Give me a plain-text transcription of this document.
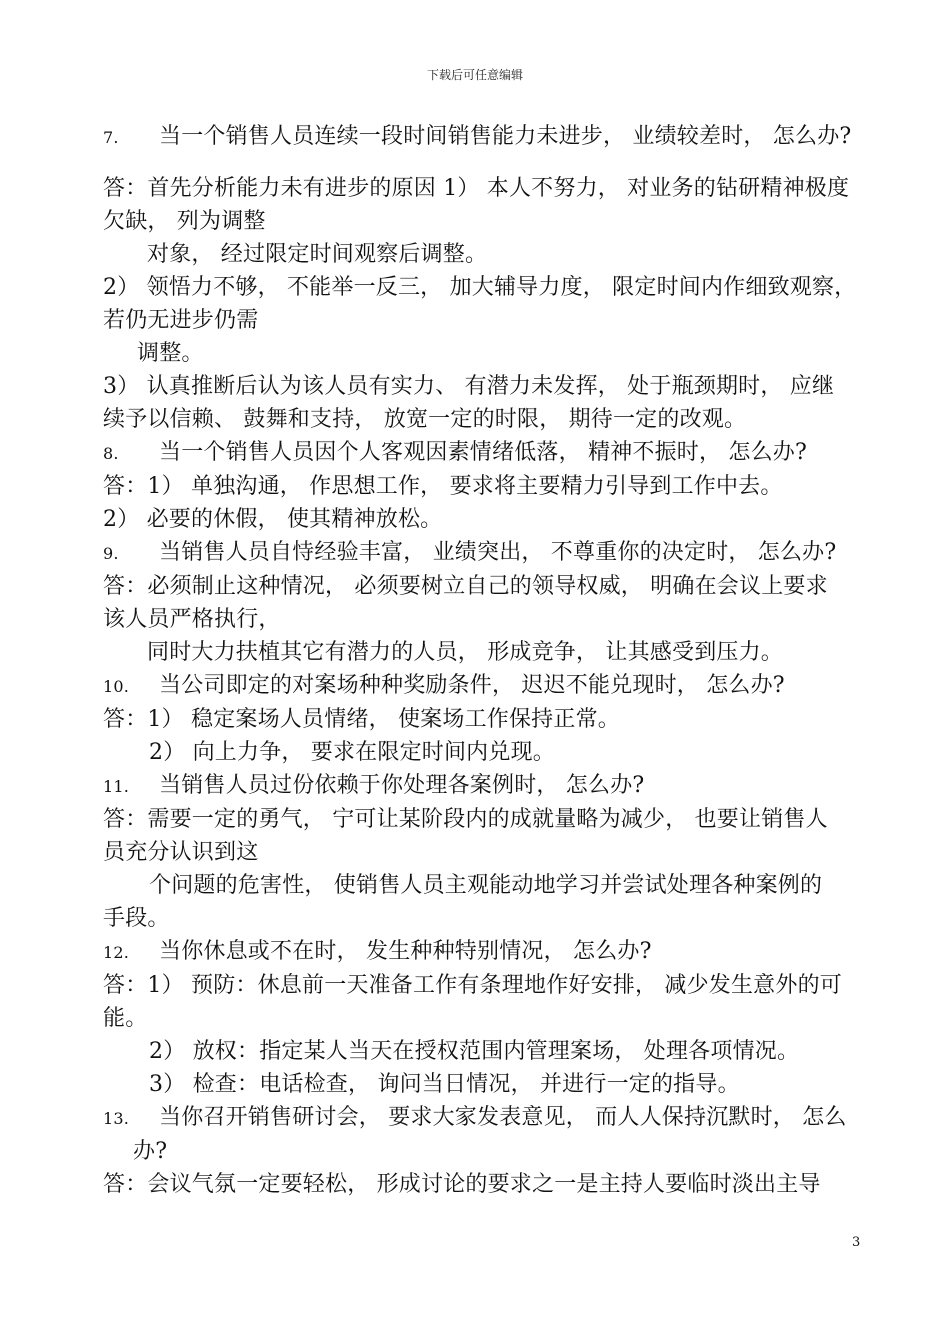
下载后可任意编辑
7. 当一个销售人员连续一段时间销售能力未进步， 业绩较差时， 怎么办?
答：首先分析能力未有进步的原因 1） 本人不努力， 对业务的钻研精神极度
欠缺， 列为调整
对象， 经过限定时间观察后调整。
2） 领悟力不够， 不能举一反三， 加大辅导力度， 限定时间内作细致观察，
若仍无进步仍需
调整。
3） 认真推断后认为该人员有实力、 有潜力未发挥， 处于瓶颈期时， 应继
续予以信赖、 鼓舞和支持， 放宽一定的时限， 期待一定的改观。
8. 当一个销售人员因个人客观因素情绪低落， 精神不振时， 怎么办?
答：1） 单独沟通， 作思想工作， 要求将主要精力引导到工作中去。
2） 必要的休假， 使其精神放松。
9. 当销售人员自恃经验丰富， 业绩突出， 不尊重你的决定时， 怎么办?
答：必须制止这种情况， 必须要树立自己的领导权威， 明确在会议上要求
该人员严格执行，
同时大力扶植其它有潜力的人员， 形成竞争， 让其感受到压力。
10. 当公司即定的对案场种种奖励条件， 迟迟不能兑现时， 怎么办?
答：1） 稳定案场人员情绪， 使案场工作保持正常。
2） 向上力争， 要求在限定时间内兑现。
11. 当销售人员过份依赖于你处理各案例时， 怎么办?
答：需要一定的勇气， 宁可让某阶段内的成就量略为减少， 也要让销售人
员充分认识到这
个问题的危害性， 使销售人员主观能动地学习并尝试处理各种案例的
手段。
12. 当你休息或不在时， 发生种种特别情况， 怎么办?
答：1） 预防：休息前一天准备工作有条理地作好安排， 减少发生意外的可
能。
2） 放权：指定某人当天在授权范围内管理案场， 处理各项情况。
3） 检查：电话检查， 询问当日情况， 并进行一定的指导。
13. 当你召开销售研讨会， 要求大家发表意见， 而人人保持沉默时， 怎么
办?
答：会议气氛一定要轻松， 形成讨论的要求之一是主持人要临时淡出主导
3
